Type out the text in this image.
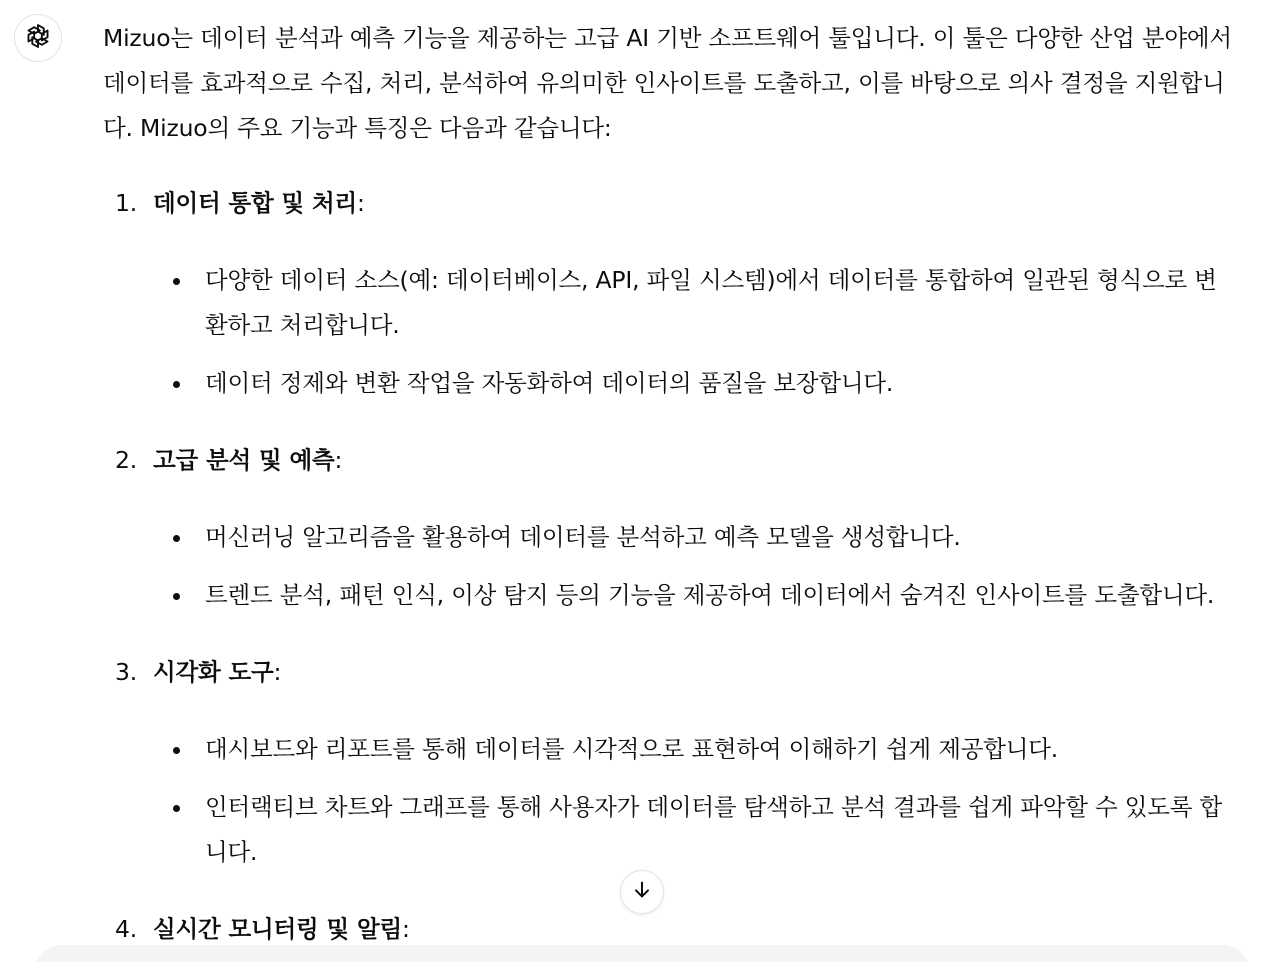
Mizuo는 데이터 분석과 예측 기능을 제공하는 고급 AI 기반 소프트웨어 툴입니다. 이 툴은 다양한 산업 분야에서 데이터를 효과적으로 수집, 처리, 분석하여 유의미한 인사이트를 도출하고, 이를 바탕으로 의사 결정을 지원합니다. Mizuo의 주요 기능과 특징은 다음과 같습니다:

1. 데이터 통합 및 처리:
다양한 데이터 소스(예: 데이터베이스, API, 파일 시스템)에서 데이터를 통합하여 일관된 형식으로 변환하고 처리합니다.
데이터 정제와 변환 작업을 자동화하여 데이터의 품질을 보장합니다.
2. 고급 분석 및 예측:
머신러닝 알고리즘을 활용하여 데이터를 분석하고 예측 모델을 생성합니다.
트렌드 분석, 패턴 인식, 이상 탐지 등의 기능을 제공하여 데이터에서 숨겨진 인사이트를 도출합니다.
3. 시각화 도구:
대시보드와 리포트를 통해 데이터를 시각적으로 표현하여 이해하기 쉽게 제공합니다.
인터랙티브 차트와 그래프를 통해 사용자가 데이터를 탐색하고 분석 결과를 쉽게 파악할 수 있도록 합니다.
4. 실시간 모니터링 및 알림:
